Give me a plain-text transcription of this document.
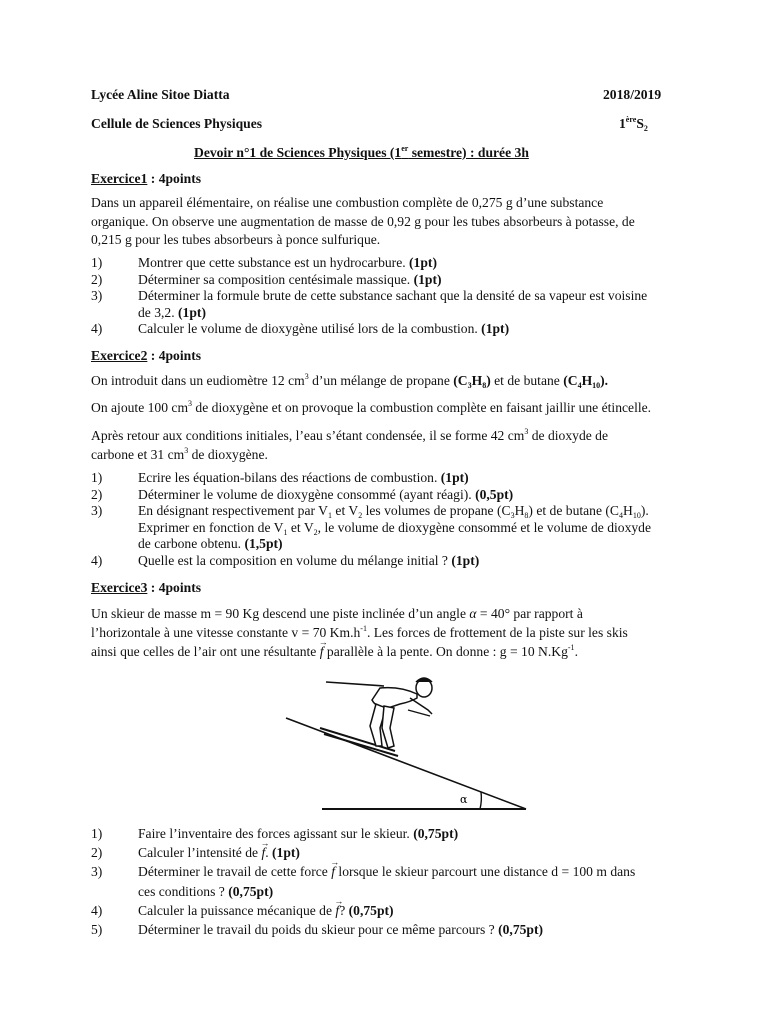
Lycée Aline Sitoe Diatta	2018/2019
Cellule de Sciences Physiques	$1èreS_2$
Devoir n°1 de Sciences Physiques (1er semestre) : durée 3h
Exercice1 : 4points
Dans un appareil élémentaire, on réalise une combustion complète de 0,275 g d’une substance
organique. On observe une augmentation de masse de 0,92 g pour les tubes absorbeurs à potasse, de
0,215 g pour les tubes absorbeurs à ponce sulfurique.
1)	Montrer que cette substance est un hydrocarbure. (1pt)
2)	Déterminer sa composition centésimale massique. (1pt)
3)	Déterminer la formule brute de cette substance sachant que la densité de sa vapeur est voisine
de 3,2. (1pt)
4)	Calculer le volume de dioxygène utilisé lors de la combustion. (1pt)
Exercice2 : 4points
On introduit dans un eudiomètre 12 $cm^3$ d’un mélange de propane $(C_3H_8)$ et de butane $(C_4H_{10})$.
On ajoute 100 $cm^3$ de dioxygène et on provoque la combustion complète en faisant jaillir une étincelle.
Après retour aux conditions initiales, l’eau s’étant condensée, il se forme 42 $cm^3$ de dioxyde de
carbone et 31 $cm^3$ de dioxygène.
1)	Ecrire les équation-bilans des réactions de combustion. (1pt)
2)	Déterminer le volume de dioxygène consommé (ayant réagi). (0,5pt)
3)	En désignant respectivement par $V_1$ et $V_2$ les volumes de propane $(C_3H_8)$ et de butane $(C_4H_{10})$.
Exprimer en fonction de $V_1$ et $V_2$, le volume de dioxygène consommé et le volume de dioxyde
de carbone obtenu. (1,5pt)
4)	Quelle est la composition en volume du mélange initial ? (1pt)
Exercice3 : 4points
Un skieur de masse m = 90 Kg descend une piste inclinée d’un angle α = 40° par rapport à
l’horizontale à une vitesse constante v = 70 $Km.h^{-1}$. Les forces de frottement de la piste sur les skis
ainsi que celles de l’air ont une résultante → f parallèle à la pente. On donne : g = 10 $N.Kg^{-1}$.
α
1)	Faire l’inventaire des forces agissant sur le skieur. (0,75pt)
2)	Calculer l’intensité de → f. (1pt)
3)	Déterminer le travail de cette force → f lorsque le skieur parcourt une distance d = 100 m dans
ces conditions ? (0,75pt)
4)	Calculer la puissance mécanique de → f? (0,75pt)
5)	Déterminer le travail du poids du skieur pour ce même parcours ? (0,75pt)
